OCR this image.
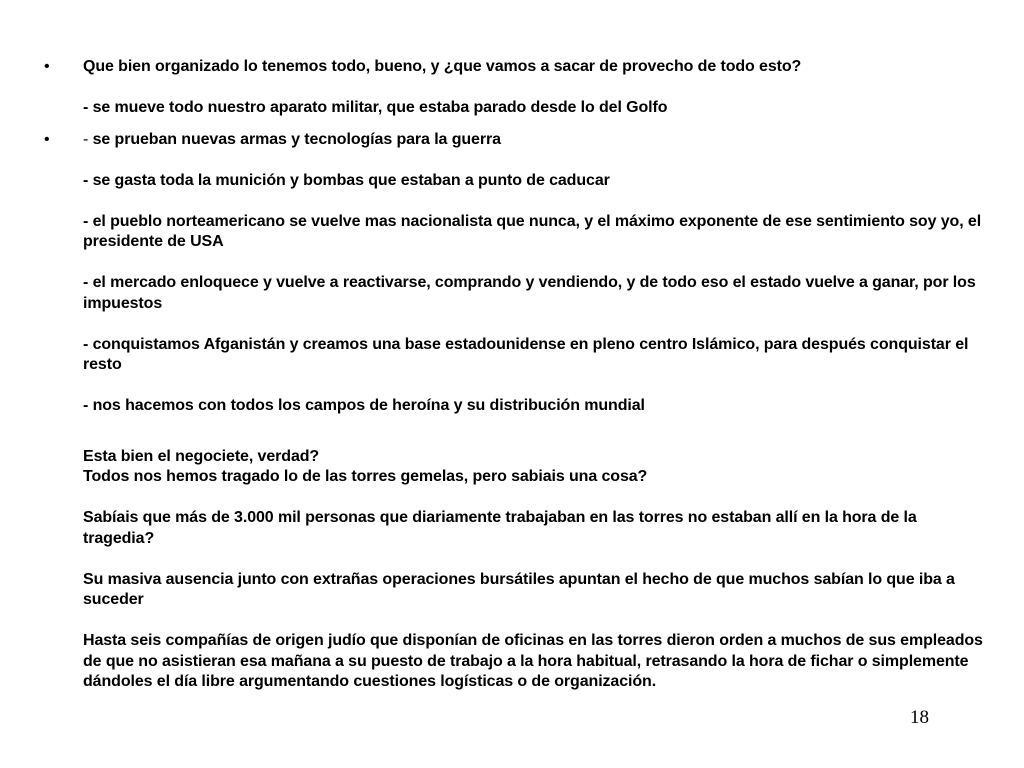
• Que bien organizado lo tenemos todo, bueno, y ¿que vamos a sacar de provecho de todo esto?

- se mueve todo nuestro aparato militar, que estaba parado desde lo del Golfo

• - se prueban nuevas armas y tecnologías para la guerra

- se gasta toda la munición y bombas que estaban a punto de caducar

- el pueblo norteamericano se vuelve mas nacionalista que nunca, y el máximo exponente de ese sentimiento soy yo, el presidente de USA

- el mercado enloquece y vuelve a reactivarse, comprando y vendiendo, y de todo eso el estado vuelve a ganar, por los impuestos

- conquistamos Afganistán y creamos una base estadounidense en pleno centro Islámico, para después conquistar el resto

- nos hacemos con todos los campos de heroína y su distribución mundial

Esta bien el negociete, verdad?

Todos nos hemos tragado lo de las torres gemelas, pero sabiais una cosa?

Sabíais que más de 3.000 mil personas que diariamente trabajaban en las torres no estaban allí en la hora de la tragedia?

Su masiva ausencia junto con extrañas operaciones bursátiles apuntan el hecho de que muchos sabían lo que iba a suceder

Hasta seis compañías de origen judío que disponían de oficinas en las torres dieron orden a muchos de sus empleados de que no asistieran esa mañana a su puesto de trabajo a la hora habitual, retrasando la hora de fichar o simplemente dándoles el día libre argumentando cuestiones logísticas o de organización.

18
